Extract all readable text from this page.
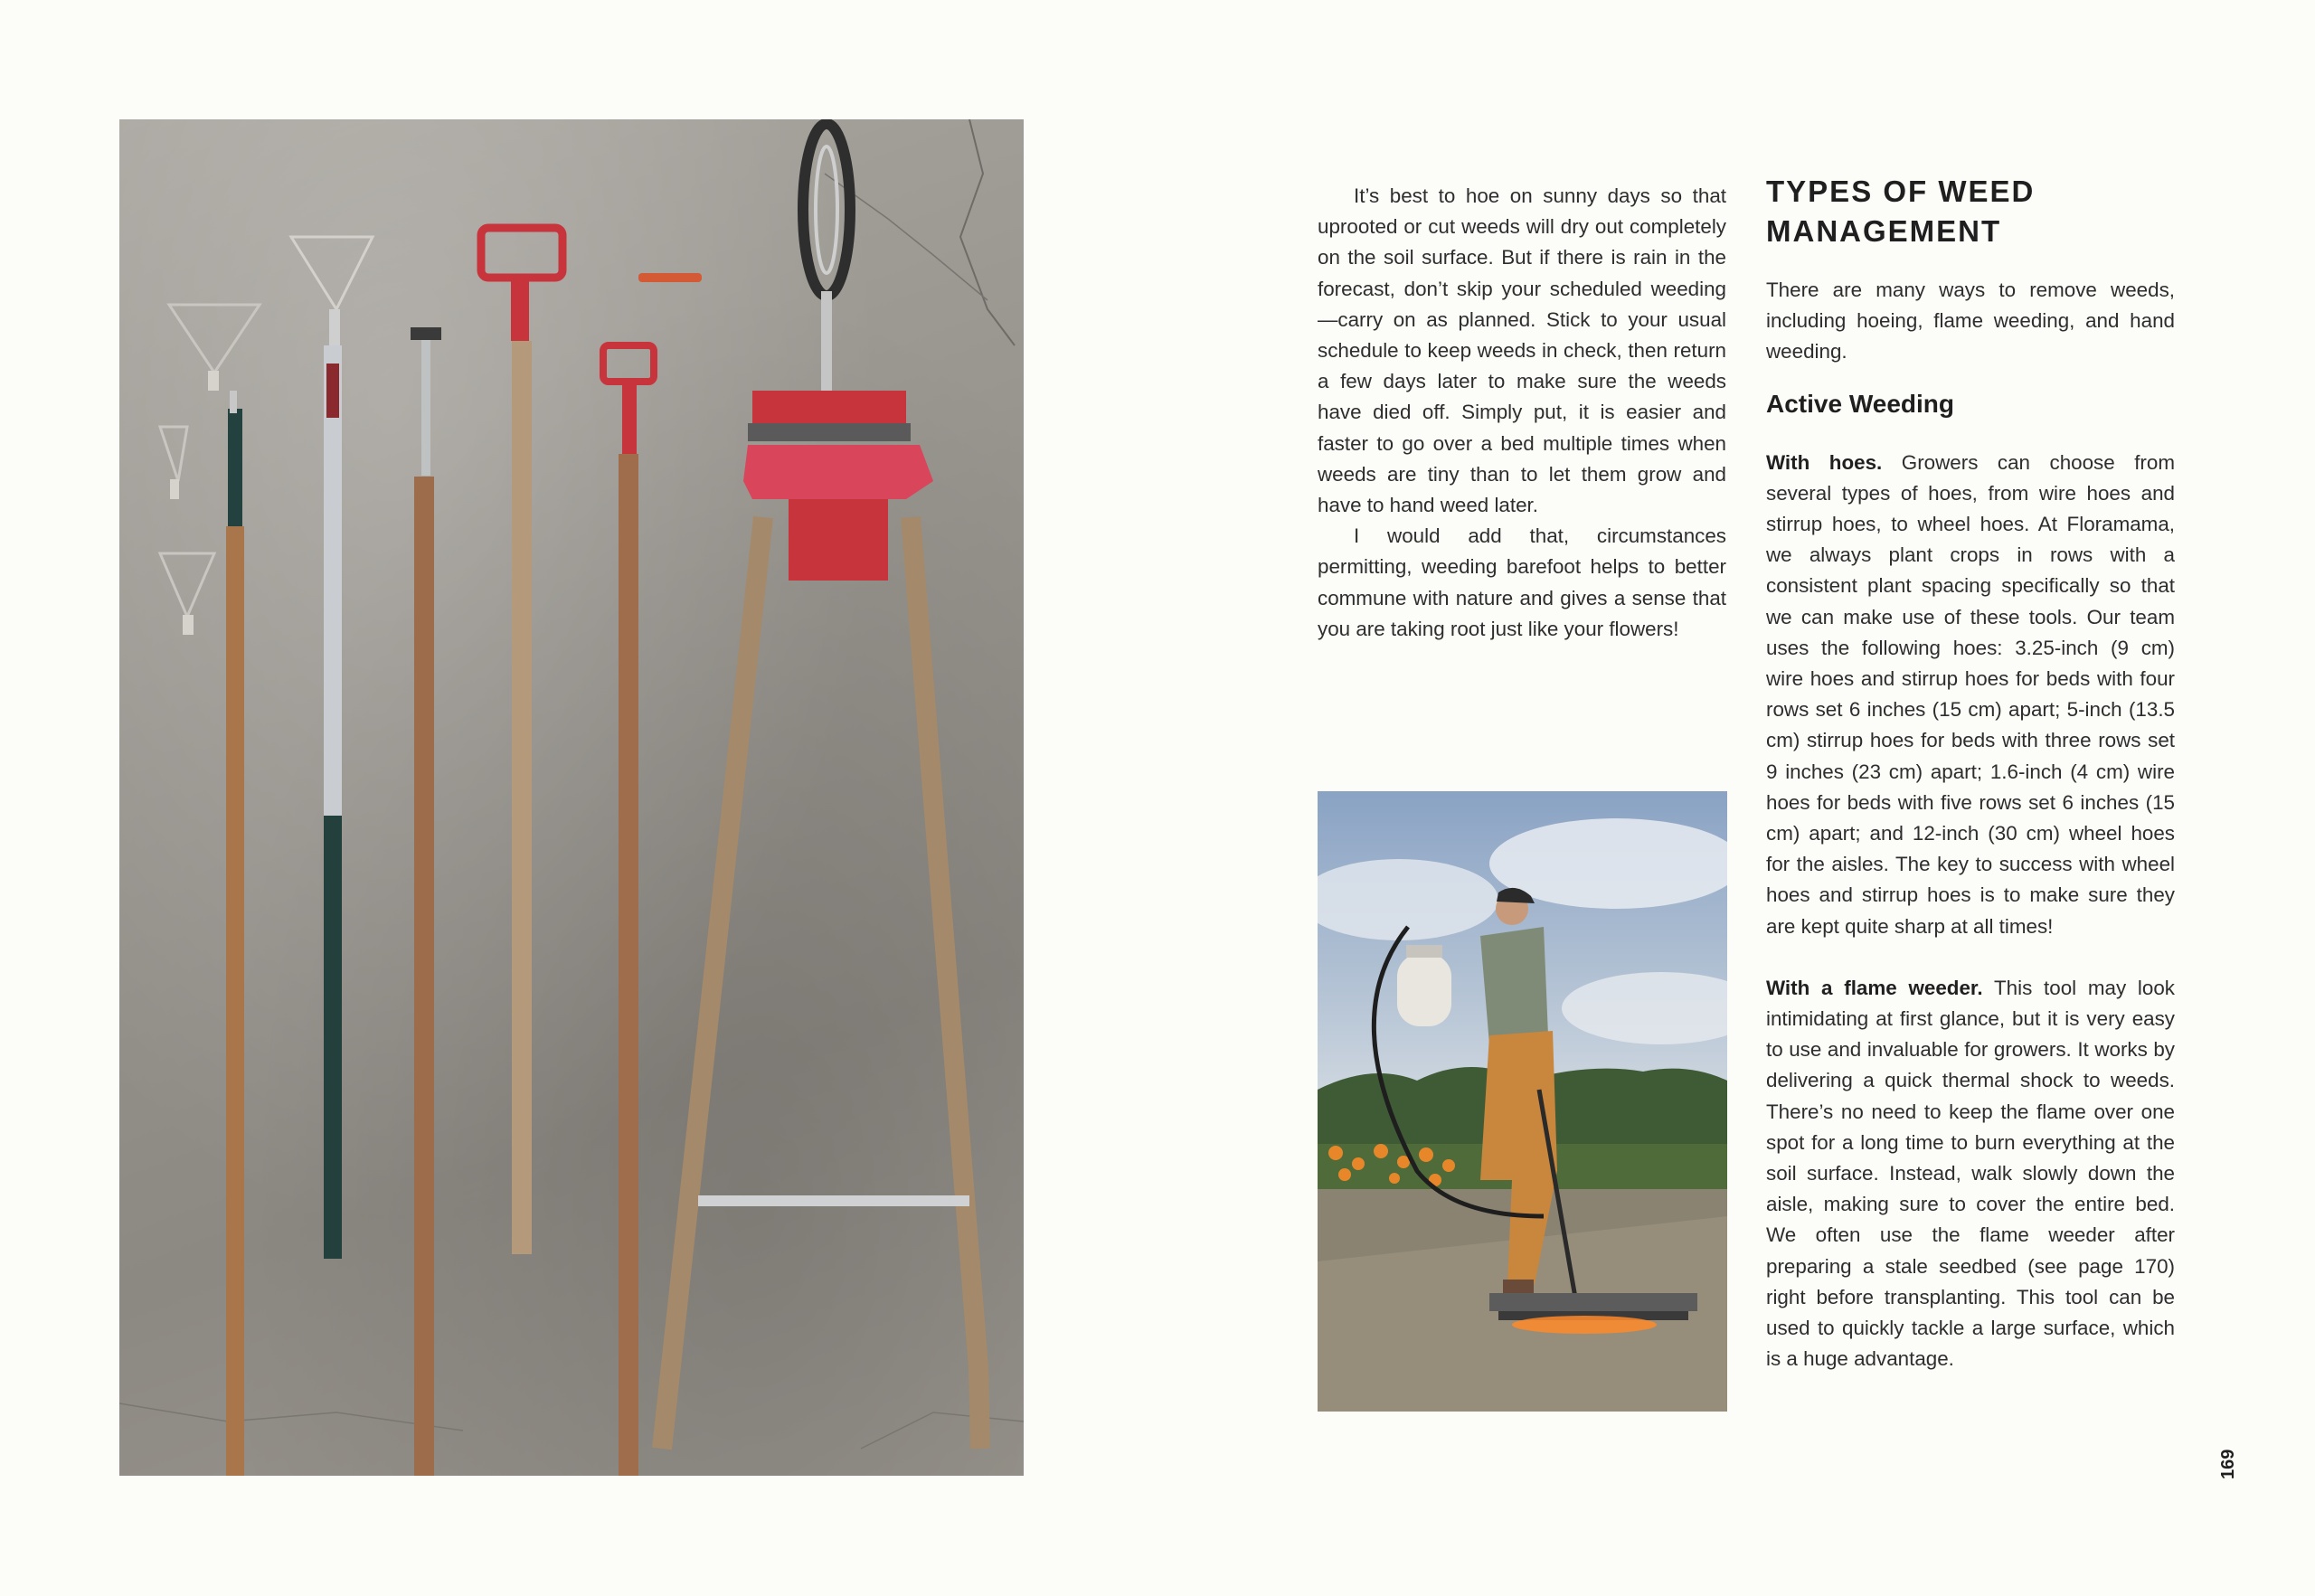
It’s best to hoe on sunny days so that uprooted or cut weeds will dry out completely on the soil surface. But if there is rain in the forecast, don’t skip your scheduled weeding—carry on as planned. Stick to your usual schedule to keep weeds in check, then return a few days later to make sure the weeds have died off. Simply put, it is easier and faster to go over a bed multiple times when weeds are tiny than to let them grow and have to hand weed later.

I would add that, circumstances permitting, weeding barefoot helps to better commune with nature and gives a sense that you are taking root just like your flowers!

TYPES OF WEED MANAGEMENT

There are many ways to remove weeds, including hoeing, flame weeding, and hand weeding.

Active Weeding

With hoes. Growers can choose from several types of hoes, from wire hoes and stirrup hoes, to wheel hoes. At Floramama, we always plant crops in rows with a consistent plant spacing specifically so that we can make use of these tools. Our team uses the following hoes: 3.25-inch (9 cm) wire hoes and stirrup hoes for beds with four rows set 6 inches (15 cm) apart; 5-inch (13.5 cm) stirrup hoes for beds with three rows set 9 inches (23 cm) apart; 1.6-inch (4 cm) wire hoes for beds with five rows set 6 inches (15 cm) apart; and 12-inch (30 cm) wheel hoes for the aisles. The key to success with wheel hoes and stirrup hoes is to make sure they are kept quite sharp at all times!

With a flame weeder. This tool may look intimidating at first glance, but it is very easy to use and invaluable for growers. It works by delivering a quick thermal shock to weeds. There’s no need to keep the flame over one spot for a long time to burn everything at the soil surface. Instead, walk slowly down the aisle, making sure to cover the entire bed. We often use the flame weeder after preparing a stale seedbed (see page 170) right before transplanting. This tool can be used to quickly tackle a large surface, which is a huge advantage.

169
